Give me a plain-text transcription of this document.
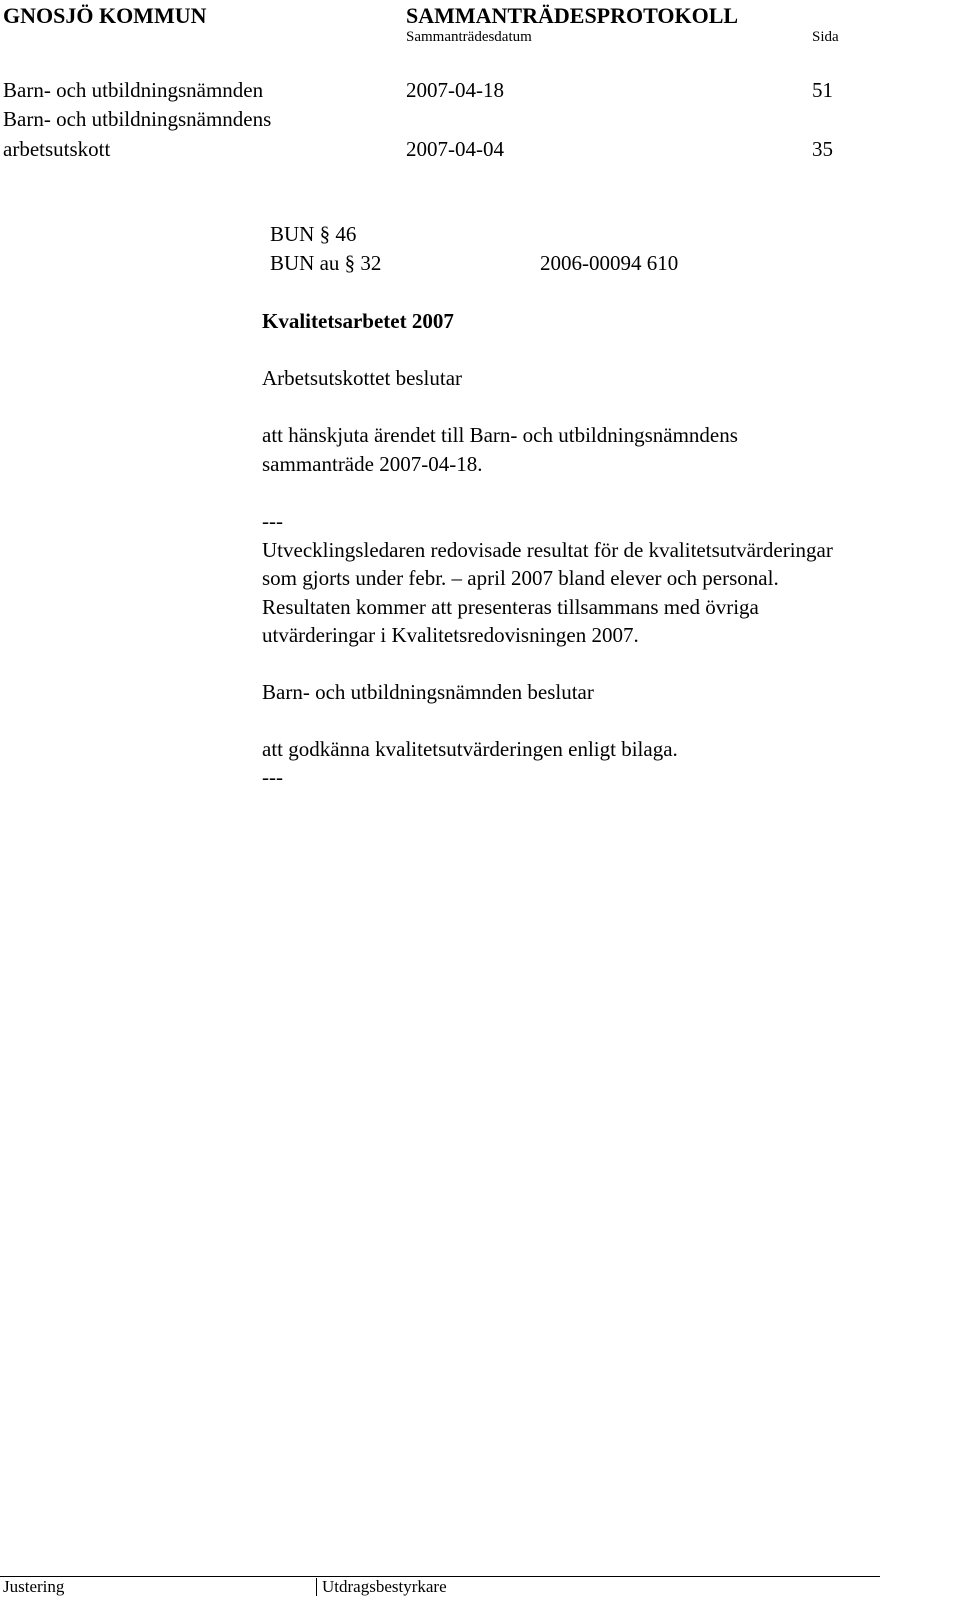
GNOSJÖ KOMMUN	SAMMANTRÄDESPROTOKOLL
Sammanträdesdatum	Sida
Barn- och utbildningsnämnden	2007-04-18	51
Barn- och utbildningsnämndens
arbetsutskott	2007-04-04	35
BUN § 46
BUN au § 32	2006-00094 610
Kvalitetsarbetet 2007
Arbetsutskottet beslutar
att hänskjuta ärendet till Barn- och utbildningsnämndens
sammanträde 2007-04-18.
---
Utvecklingsledaren redovisade resultat för de kvalitetsutvärderingar
som gjorts under febr. – april 2007 bland elever och personal.
Resultaten kommer att presenteras tillsammans med övriga
utvärderingar i Kvalitetsredovisningen 2007.
Barn- och utbildningsnämnden beslutar
att godkänna kvalitetsutvärderingen enligt bilaga.
---
Justering	Utdragsbestyrkare
